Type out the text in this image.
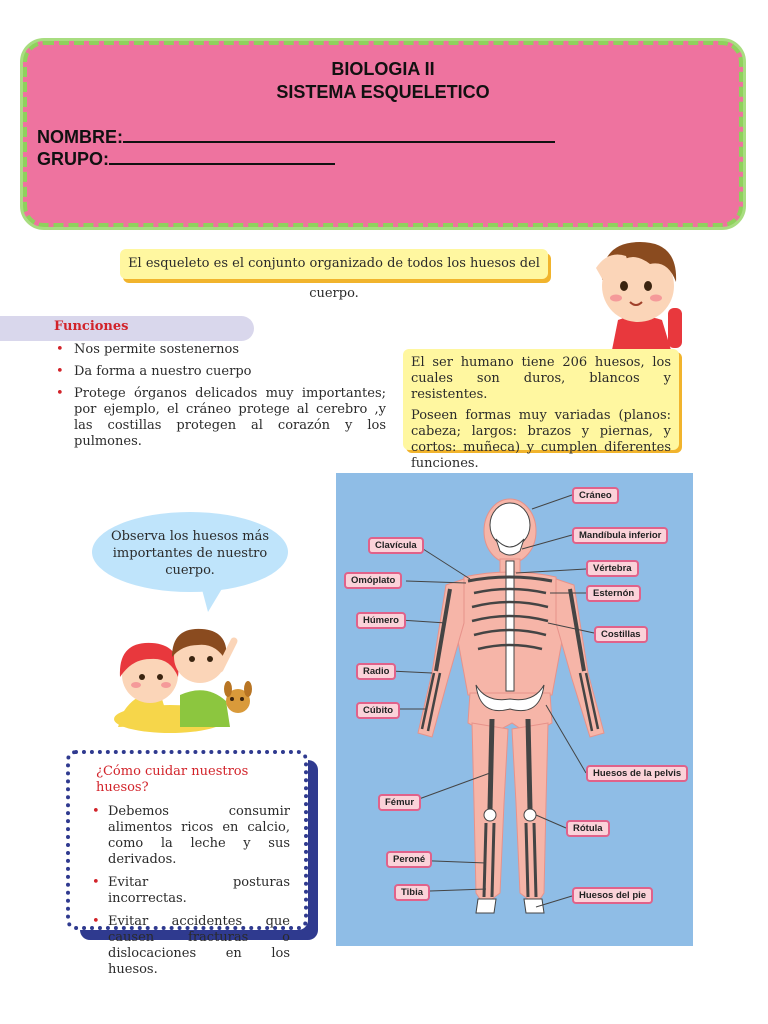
BIOLOGIA II
SISTEMA ESQUELETICO
NOMBRE:
GRUPO:
El esqueleto es el conjunto organizado de todos los huesos del cuerpo.
Funciones
• Nos permite sostenernos
• Da forma a nuestro cuerpo
• Protege órganos delicados muy importantes; por ejemplo, el cráneo protege al cerebro ,y las costillas protegen al corazón y los pulmones.

El ser humano tiene 206 huesos, los cuales son duros, blancos y resistentes.

Poseen formas muy variadas (planos: cabeza; largos: brazos y piernas, y cortos: muñeca) y cumplen diferentes funciones.

Observa los huesos más importantes de nuestro cuerpo.
¿Cómo cuidar nuestros huesos?
• Debemos consumir alimentos ricos en calcio, como la leche y sus derivados.
• Evitar posturas incorrectas.
• Evitar accidentes que causen fracturas o dislocaciones en los huesos.
Cráneo
Mandíbula inferior
Clavícula
Vértebra
Omóplato
Esternón
Húmero
Costillas
Radio
Cúbito
Huesos de la pelvis
Fémur
Rótula
Peroné
Tibia	Huesos del pie
